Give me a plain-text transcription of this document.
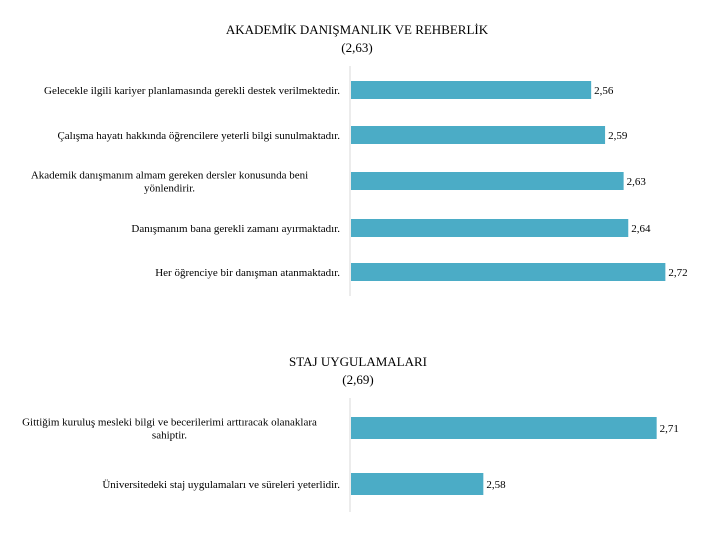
AKADEMİK DANIŞMANLIK VE REHBERLİK
(2,63)
2,56
Gelecekle ilgili kariyer planlamasında gerekli destek verilmektedir.
2,59
Çalışma hayatı hakkında öğrencilere yeterli bilgi sunulmaktadır.
2,63
Akademik danışmanım almam gereken dersler konusunda beni yönlendirir.
2,64
Danışmanım bana gerekli zamanı ayırmaktadır.
2,72
Her öğrenciye bir danışman atanmaktadır.
STAJ UYGULAMALARI
(2,69)
2,71
Gittiğim kuruluş mesleki bilgi ve becerilerimi arttıracak olanaklara sahiptir.
2,58
Üniversitedeki staj uygulamaları ve süreleri yeterlidir.
